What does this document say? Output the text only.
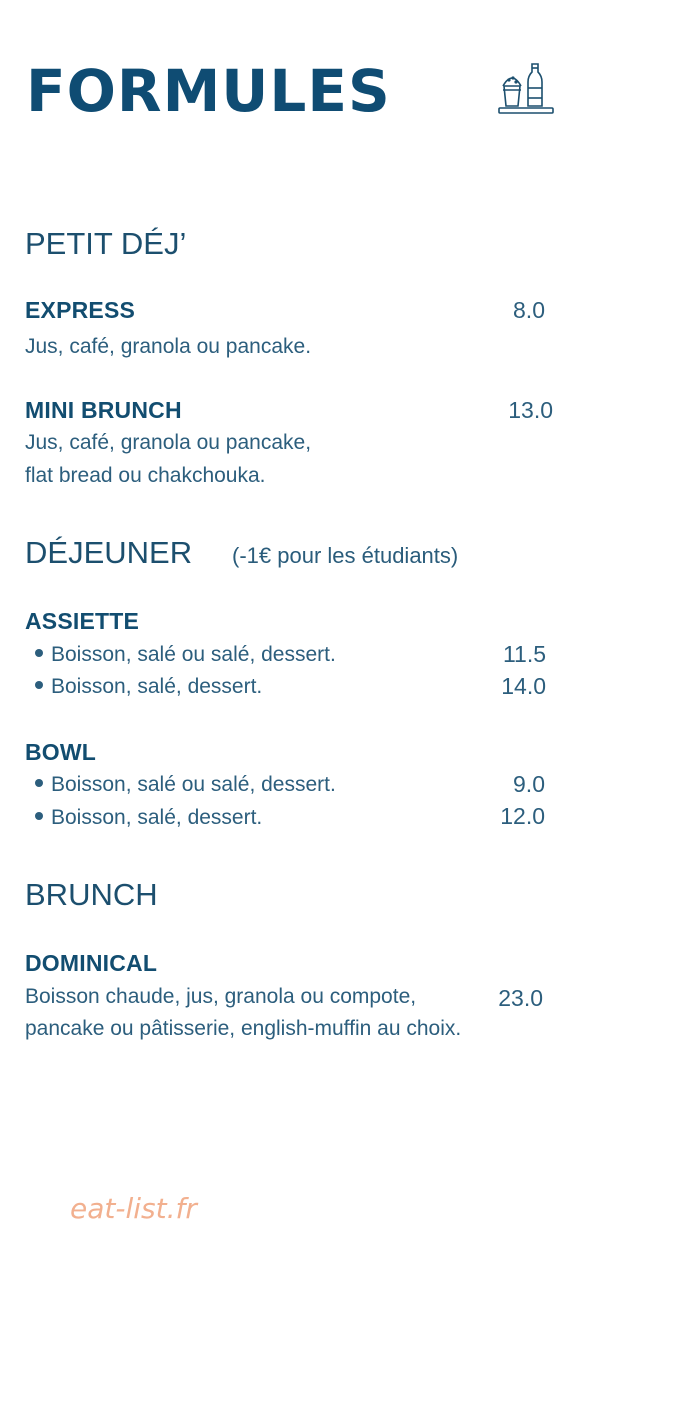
FORMULES
PETIT DÉJ’
EXPRESS	8.0
Jus, café, granola ou pancake.
MINI BRUNCH	13.0
Jus, café, granola ou pancake,
flat bread ou chakchouka.
DÉJEUNER (-1€ pour les étudiants)
ASSIETTE
Boisson, salé ou salé, dessert.	11.5
Boisson, salé, dessert.	14.0
BOWL
Boisson, salé ou salé, dessert.	9.0
Boisson, salé, dessert.	12.0
BRUNCH
DOMINICAL
23.0
Boisson chaude, jus, granola ou compote,
pancake ou pâtisserie, english-muffin au choix.
eat-list.fr
